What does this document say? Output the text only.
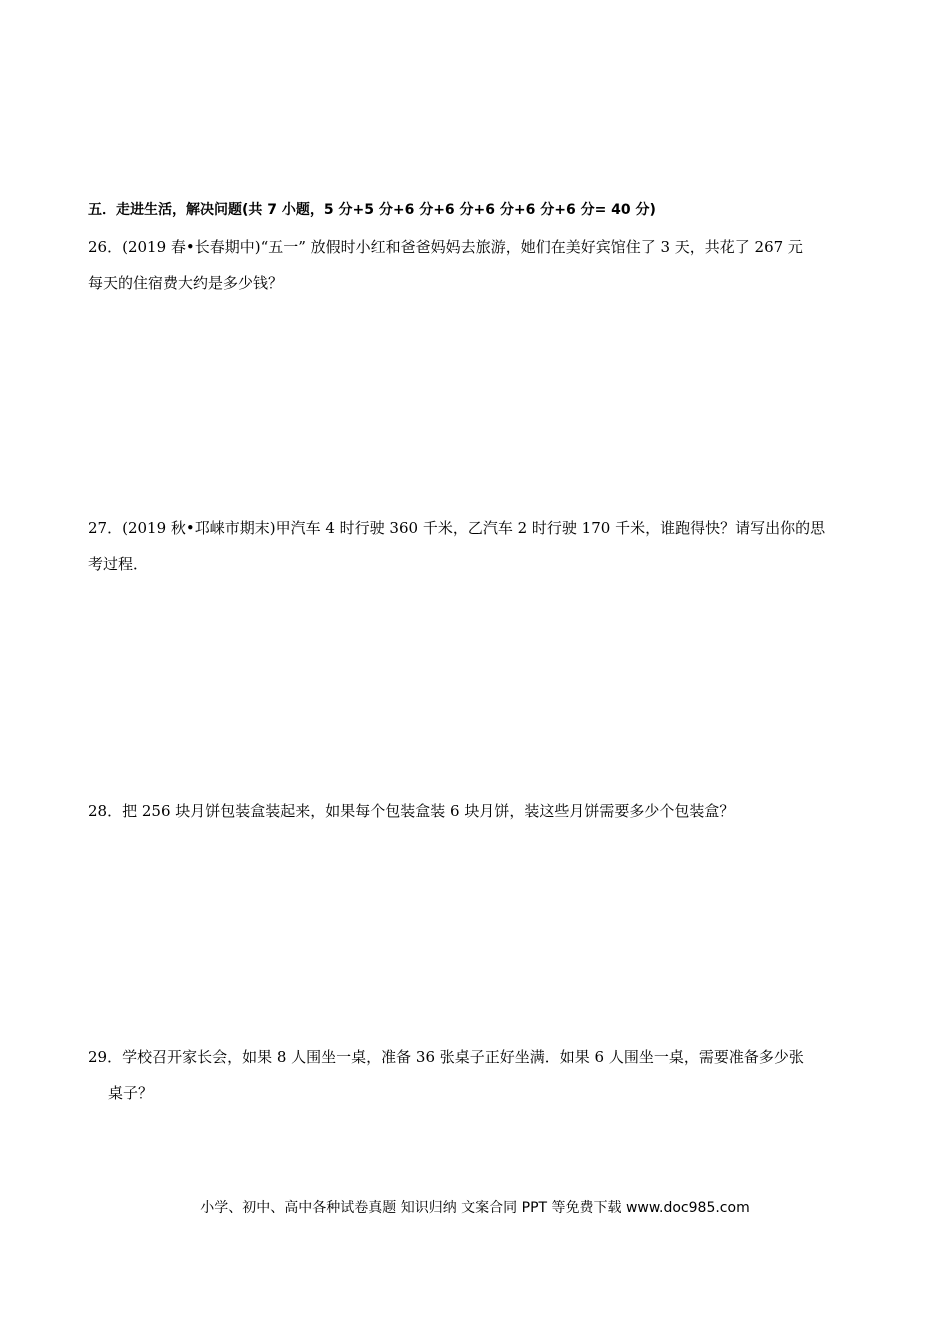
五．走进生活，解决问题(共 7 小题，5 分+5 分+6 分+6 分+6 分+6 分+6 分= 40 分)
26．(2019 春•长春期中)“五一” 放假时小红和爸爸妈妈去旅游，她们在美好宾馆住了 3 天，共花了 267 元
每天的住宿费大约是多少钱？
27．(2019 秋•邛崃市期末)甲汽车 4 时行驶 360 千米，乙汽车 2 时行驶 170 千米，谁跑得快？请写出你的思
考过程．
28．把 256 块月饼包装盒装起来，如果每个包装盒装 6 块月饼，装这些月饼需要多少个包装盒？
29．学校召开家长会，如果 8 人围坐一桌，准备 36 张桌子正好坐满．如果 6 人围坐一桌，需要准备多少张
桌子？
小学、初中、高中各种试卷真题 知识归纳 文案合同 PPT 等免费下载 www.doc985.com
